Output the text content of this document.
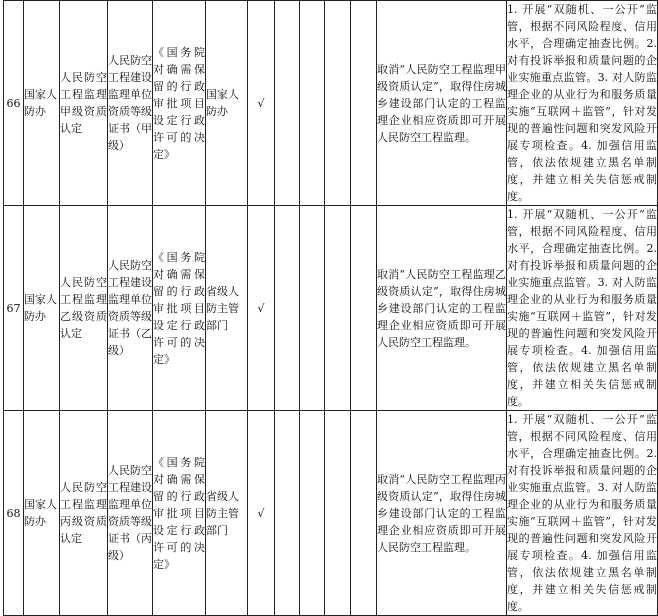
66	国家人防办	人民防空工程监理甲级资质认定	人民防空工程建设监理单位资质等级证书（甲级）	《国务院对确需保留的行政审批项目设定行政许可的决定》	国家人防办	√					取消“人民防空工程监理甲级资质认定”，取得住房城乡建设部门认定的工程监理企业相应资质即可开展人民防空工程监理。	1. 开展“双随机、一公开”监管，根据不同风险程度、信用水平，合理确定抽查比例。2. 对有投诉举报和质量问题的企业实施重点监管。3. 对人防监理企业的从业行为和服务质量实施“互联网＋监管”，针对发现的普遍性问题和突发风险开展专项检查。4. 加强信用监管，依法依规建立黑名单制度，并建立相关失信惩戒制度。
67	国家人防办	人民防空工程监理乙级资质认定	人民防空工程建设监理单位资质等级证书（乙级）	《国务院对确需保留的行政审批项目设定行政许可的决定》	省级人防主管部门	√					取消“人民防空工程监理乙级资质认定”，取得住房城乡建设部门认定的工程监理企业相应资质即可开展人民防空工程监理。	1. 开展“双随机、一公开”监管，根据不同风险程度、信用水平，合理确定抽查比例。2. 对有投诉举报和质量问题的企业实施重点监管。3. 对人防监理企业的从业行为和服务质量实施“互联网＋监管”，针对发现的普遍性问题和突发风险开展专项检查。4. 加强信用监管，依法依规建立黑名单制度，并建立相关失信惩戒制度。
68	国家人防办	人民防空工程监理丙级资质认定	人民防空工程建设监理单位资质等级证书（丙级）	《国务院对确需保留的行政审批项目设定行政许可的决定》	省级人防主管部门	√					取消“人民防空工程监理丙级资质认定”，取得住房城乡建设部门认定的工程监理企业相应资质即可开展人民防空工程监理。	1. 开展“双随机、一公开”监管，根据不同风险程度、信用水平，合理确定抽查比例。2. 对有投诉举报和质量问题的企业实施重点监管。3. 对人防监理企业的从业行为和服务质量实施“互联网＋监管”，针对发现的普遍性问题和突发风险开展专项检查。4. 加强信用监管，依法依规建立黑名单制度，并建立相关失信惩戒制度。
